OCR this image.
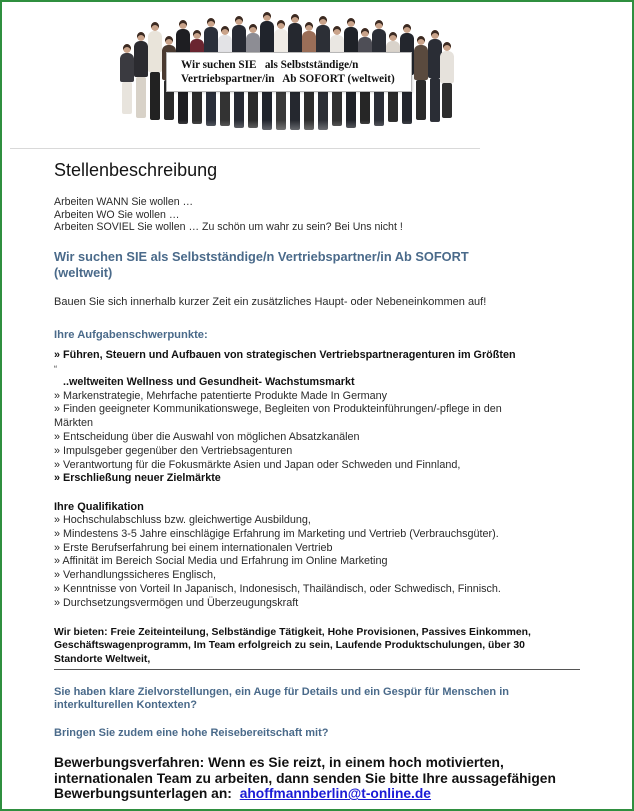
Wir suchen SIE   als Selbstständige/n
Vertriebspartner/in   Ab SOFORT (weltweit)
Stellenbeschreibung
Arbeiten WANN Sie wollen …
Arbeiten WO Sie wollen …
Arbeiten SOVIEL Sie wollen … Zu schön um wahr zu sein? Bei Uns nicht !
Wir suchen SIE als Selbstständige/n Vertriebspartner/in Ab SOFORT
(weltweit)
Bauen Sie sich innerhalb kurzer Zeit ein zusätzliches Haupt- oder Nebeneinkommen auf!
Ihre Aufgabenschwerpunkte:
» Führen, Steuern und Aufbauen von strategischen Vertriebspartneragenturen im Größten
“
..weltweiten Wellness und Gesundheit- Wachstumsmarkt
» Markenstrategie, Mehrfache patentierte Produkte Made In Germany
» Finden geeigneter Kommunikationswege, Begleiten von Produkteinführungen/-pflege in den
Märkten
» Entscheidung über die Auswahl von möglichen Absatzkanälen
» Impulsgeber gegenüber den Vertriebsagenturen
» Verantwortung für die Fokusmärkte Asien und Japan oder Schweden und Finnland,
» Erschließung neuer Zielmärkte
Ihre Qualifikation
» Hochschulabschluss bzw. gleichwertige Ausbildung,
» Mindestens 3-5 Jahre einschlägige Erfahrung im Marketing und Vertrieb (Verbrauchsgüter).
» Erste Berufserfahrung bei einem internationalen Vertrieb
» Affinität im Bereich Social Media und Erfahrung im Online Marketing
» Verhandlungssicheres Englisch,
» Kenntnisse von Vorteil In Japanisch, Indonesisch, Thailändisch, oder Schwedisch, Finnisch.
» Durchsetzungsvermögen und Überzeugungskraft
Wir bieten: Freie Zeiteinteilung, Selbständige Tätigkeit, Hohe Provisionen, Passives Einkommen,
Geschäftswagenprogramm, Im Team erfolgreich zu sein, Laufende Produktschulungen, über 30
Standorte Weltweit,
Sie haben klare Zielvorstellungen, ein Auge für Details und ein Gespür für Menschen in
interkulturellen Kontexten?
Bringen Sie zudem eine hohe Reisebereitschaft mit?
Bewerbungsverfahren: Wenn es Sie reizt, in einem hoch motivierten,
internationalen Team zu arbeiten, dann senden Sie bitte Ihre aussagefähigen
Bewerbungsunterlagen an: ahoffmannberlin@t-online.de
